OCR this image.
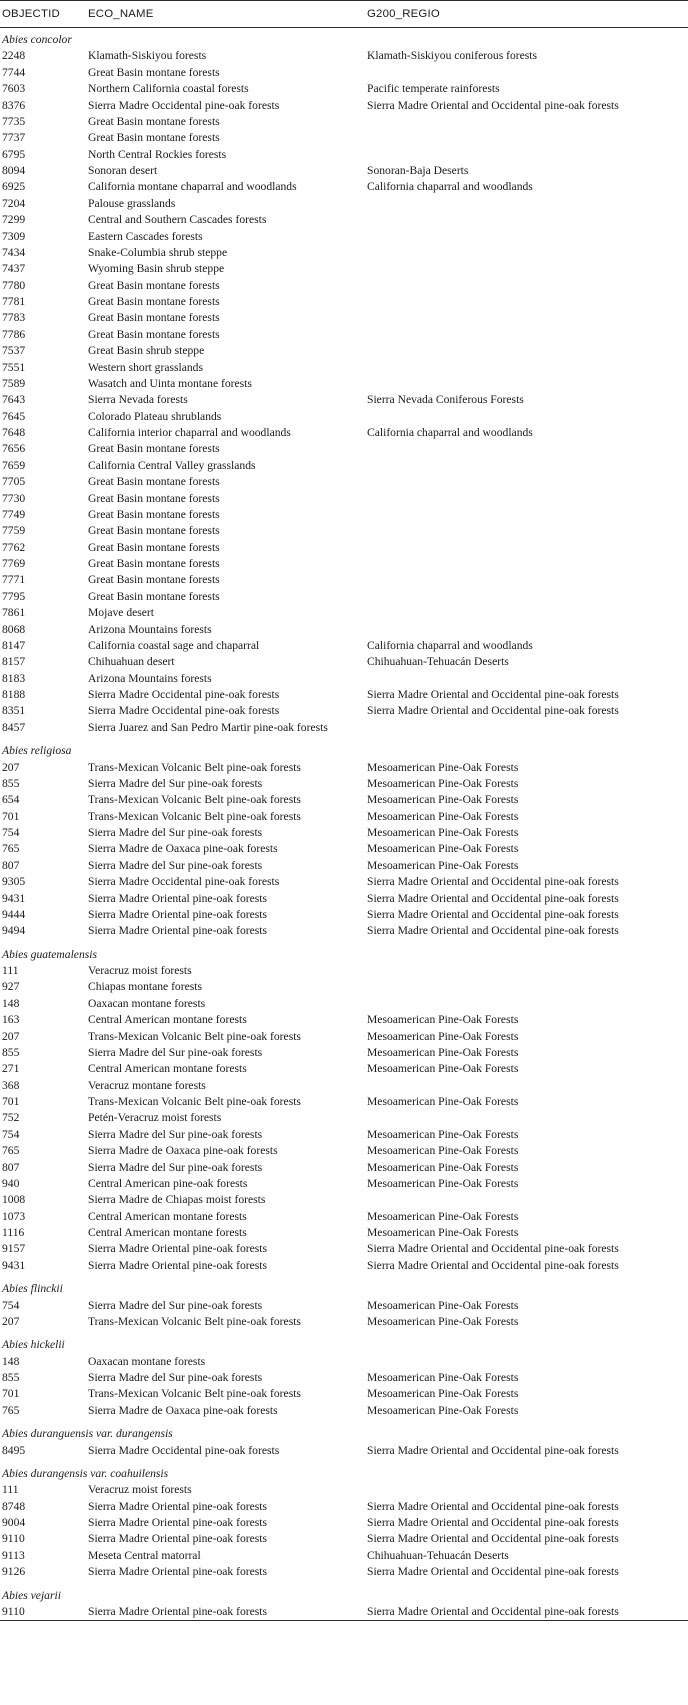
OBJECTID	ECO_NAME	G200_REGIO
Abies concolor
2248	Klamath-Siskiyou forests	Klamath-Siskiyou coniferous forests
7744	Great Basin montane forests
7603	Northern California coastal forests	Pacific temperate rainforests
8376	Sierra Madre Occidental pine-oak forests	Sierra Madre Oriental and Occidental pine-oak forests
7735	Great Basin montane forests
7737	Great Basin montane forests
6795	North Central Rockies forests
8094	Sonoran desert	Sonoran-Baja Deserts
6925	California montane chaparral and woodlands	California chaparral and woodlands
7204	Palouse grasslands
7299	Central and Southern Cascades forests
7309	Eastern Cascades forests
7434	Snake-Columbia shrub steppe
7437	Wyoming Basin shrub steppe
7780	Great Basin montane forests
7781	Great Basin montane forests
7783	Great Basin montane forests
7786	Great Basin montane forests
7537	Great Basin shrub steppe
7551	Western short grasslands
7589	Wasatch and Uinta montane forests
7643	Sierra Nevada forests	Sierra Nevada Coniferous Forests
7645	Colorado Plateau shrublands
7648	California interior chaparral and woodlands	California chaparral and woodlands
7656	Great Basin montane forests
7659	California Central Valley grasslands
7705	Great Basin montane forests
7730	Great Basin montane forests
7749	Great Basin montane forests
7759	Great Basin montane forests
7762	Great Basin montane forests
7769	Great Basin montane forests
7771	Great Basin montane forests
7795	Great Basin montane forests
7861	Mojave desert
8068	Arizona Mountains forests
8147	California coastal sage and chaparral	California chaparral and woodlands
8157	Chihuahuan desert	Chihuahuan-Tehuacán Deserts
8183	Arizona Mountains forests
8188	Sierra Madre Occidental pine-oak forests	Sierra Madre Oriental and Occidental pine-oak forests
8351	Sierra Madre Occidental pine-oak forests	Sierra Madre Oriental and Occidental pine-oak forests
8457	Sierra Juarez and San Pedro Martir pine-oak forests
Abies religiosa
207	Trans-Mexican Volcanic Belt pine-oak forests	Mesoamerican Pine-Oak Forests
855	Sierra Madre del Sur pine-oak forests	Mesoamerican Pine-Oak Forests
654	Trans-Mexican Volcanic Belt pine-oak forests	Mesoamerican Pine-Oak Forests
701	Trans-Mexican Volcanic Belt pine-oak forests	Mesoamerican Pine-Oak Forests
754	Sierra Madre del Sur pine-oak forests	Mesoamerican Pine-Oak Forests
765	Sierra Madre de Oaxaca pine-oak forests	Mesoamerican Pine-Oak Forests
807	Sierra Madre del Sur pine-oak forests	Mesoamerican Pine-Oak Forests
9305	Sierra Madre Occidental pine-oak forests	Sierra Madre Oriental and Occidental pine-oak forests
9431	Sierra Madre Oriental pine-oak forests	Sierra Madre Oriental and Occidental pine-oak forests
9444	Sierra Madre Oriental pine-oak forests	Sierra Madre Oriental and Occidental pine-oak forests
9494	Sierra Madre Oriental pine-oak forests	Sierra Madre Oriental and Occidental pine-oak forests
Abies guatemalensis
111	Veracruz moist forests
927	Chiapas montane forests
148	Oaxacan montane forests
163	Central American montane forests	Mesoamerican Pine-Oak Forests
207	Trans-Mexican Volcanic Belt pine-oak forests	Mesoamerican Pine-Oak Forests
855	Sierra Madre del Sur pine-oak forests	Mesoamerican Pine-Oak Forests
271	Central American montane forests	Mesoamerican Pine-Oak Forests
368	Veracruz montane forests
701	Trans-Mexican Volcanic Belt pine-oak forests	Mesoamerican Pine-Oak Forests
752	Petén-Veracruz moist forests
754	Sierra Madre del Sur pine-oak forests	Mesoamerican Pine-Oak Forests
765	Sierra Madre de Oaxaca pine-oak forests	Mesoamerican Pine-Oak Forests
807	Sierra Madre del Sur pine-oak forests	Mesoamerican Pine-Oak Forests
940	Central American pine-oak forests	Mesoamerican Pine-Oak Forests
1008	Sierra Madre de Chiapas moist forests
1073	Central American montane forests	Mesoamerican Pine-Oak Forests
1116	Central American montane forests	Mesoamerican Pine-Oak Forests
9157	Sierra Madre Oriental pine-oak forests	Sierra Madre Oriental and Occidental pine-oak forests
9431	Sierra Madre Oriental pine-oak forests	Sierra Madre Oriental and Occidental pine-oak forests
Abies flinckii
754	Sierra Madre del Sur pine-oak forests	Mesoamerican Pine-Oak Forests
207	Trans-Mexican Volcanic Belt pine-oak forests	Mesoamerican Pine-Oak Forests
Abies hickelii
148	Oaxacan montane forests
855	Sierra Madre del Sur pine-oak forests	Mesoamerican Pine-Oak Forests
701	Trans-Mexican Volcanic Belt pine-oak forests	Mesoamerican Pine-Oak Forests
765	Sierra Madre de Oaxaca pine-oak forests	Mesoamerican Pine-Oak Forests
Abies duranguensis var. durangensis
8495	Sierra Madre Occidental pine-oak forests	Sierra Madre Oriental and Occidental pine-oak forests
Abies durangensis var. coahuilensis
111	Veracruz moist forests
8748	Sierra Madre Oriental pine-oak forests	Sierra Madre Oriental and Occidental pine-oak forests
9004	Sierra Madre Oriental pine-oak forests	Sierra Madre Oriental and Occidental pine-oak forests
9110	Sierra Madre Oriental pine-oak forests	Sierra Madre Oriental and Occidental pine-oak forests
9113	Meseta Central matorral	Chihuahuan-Tehuacán Deserts
9126	Sierra Madre Oriental pine-oak forests	Sierra Madre Oriental and Occidental pine-oak forests
Abies vejarii
9110	Sierra Madre Oriental pine-oak forests	Sierra Madre Oriental and Occidental pine-oak forests
